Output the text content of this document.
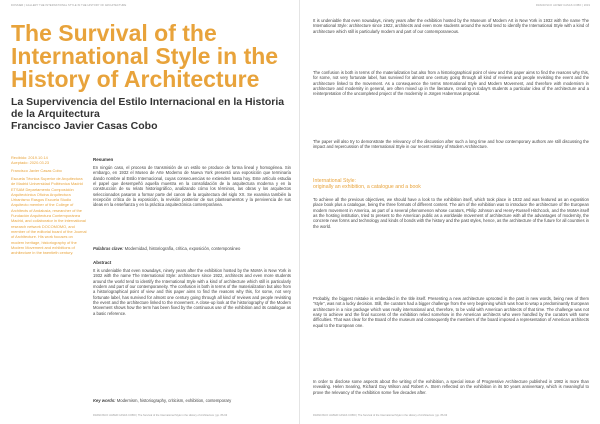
DOSSIER | GALLERY THE INTERNATIONAL STYLE IN THE HISTORY OF ARCHITECTURE	FRANCISCO JAVIER CASAS COBO | 2019
The Survival of the International Style in the History of Architecture
La Supervivencia del Estilo Internacional en la Historia de la Arquitectura
Francisco Javier Casas Cobo

Recibido: 2019.10.14
Aceptado: 2020.03.23

Francisco Javier Casas Cobo

Escuela Técnica Superior de Arquitectura de Madrid Universidad Politécnica Madrid ETSAM Departamento Composición Arquitectónica Oficina Arquitectura Urbanismo Rasgos Escuela Studio Arquitecto member of the College of Architects of Andalusia, researcher of the Fundación Arquitectura Contemporánea Madrid, and collaborator in the international research network DOCOMOMO, and member of the editorial board of the Journal of Architecture. His work focuses on modern heritage, historiography of the Modern Movement and exhibitions of architecture in the twentieth century.

Resumen

En ningún caso, el proceso de transmisión de un estilo se produce de forma lineal y homogénea. Sin embargo, en 1932 el Museo de Arte Moderno de Nueva York presentó una exposición que terminaría dando nombre al Estilo Internacional, cuyas consecuencias se extienden hasta hoy. Este artículo estudia el papel que desempeñó aquella muestra en la consolidación de la arquitectura moderna y en la construcción de su relato historiográfico, analizando cómo los términos, las obras y los arquitectos seleccionados pasaron a formar parte del canon de la arquitectura del siglo XX. Se examina también la recepción crítica de la exposición, la revisión posterior de sus planteamientos y la pervivencia de sus ideas en la enseñanza y en la práctica arquitectónica contemporánea.

Palabras clave: Modernidad, historiografía, crítica, exposición, contemporáneo

Abstract

It is undeniable that even nowadays, ninety years after the exhibition hosted by the MoMA in New York in 1932 with the name The International Style: architecture since 1922, architects and even more students around the world tend to identify the International Style with a kind of architecture which still is particularly modern and part of our contemporaneity. The confusion is both in terms of the materialization but also from a historiographical point of view and this paper aims to find the reasons why this, for some, not very fortunate label, has survived for almost one century going through all kind of reviews and people revisiting the event and the architecture linked to the movement. A close-up look at the historiography of the Modern Movement shows how the term has been fixed by the continuous use of the exhibition and its catalogue as a basic reference.

Key words: Modernism, historiography, criticism, exhibition, contemporary

It is undeniable that even nowadays, ninety years after the exhibition hosted by the Museum of Modern Art in New York in 1932 with the name The International Style: architecture since 1922, architects and even more students around the world tend to identify the International Style with a kind of architecture which still is particularly modern and part of our contemporaneous.

The confusion is both in terms of the materialization but also from a historiographical point of view and this paper aims to find the reasons why this, for some, not very fortunate label, has survived for almost one century going through all kind of reviews and people revisiting the event and the architecture linked to the movement. As a consequence the terms International Style and Modern Movement, and therefore with modernism in architecture and modernity in general, are often mixed up in the literature, creating in today's students a particular idea of the architecture and a reinterpretation of the uncompleted project of the modernity in Jürgen Habermas proposal.

The paper will also try to demonstrate the relevancy of the discussion after such a long time and how contemporary authors are still discussing the impact and repercussion of the International Style in our recent History of Modern Architecture.

International Style:
originally an exhibition, a catalogue and a book

To achieve all the previous objectives, we should have a look to the exhibition itself, which took place in 1932 and was featured as an exposition place book plus a catalogue, being the three formats of different content. The aim of the exhibition was to introduce the architecture of the European modern movement in America, as part of a several phenomenon whose curators, Philip Johnson and Henry-Russell Hitchcock, and the MoMA itself as the hosting institution, tried to present to the American public as a worldwide movement of architecture with all the advantages of modernity, the concrete new forms and technology and kinds of bonds with the history and the past styles, hence, as the architecture of the future for all countries in the world.

Probably, the biggest mistake is embedded in the title itself. Presenting a new architecture uprooted in the past in new words, being new of them "style", was not a lucky decision. Still, the curators had a bigger challenge from the very beginning which was how to wrap a predominantly European architecture in a nice package which was really international and, therefore, to be valid with American architects of that time. The challenge was not easy to achieve and the final success of the exhibition relied somehow in the American architects who were handled by the curators with some difficulties. That was clear for the Board of the museum and consequently the members of the board imposed a representation of American architects equal to the European one.

In order to disclose some aspects about the writing of the exhibition, a special issue of Progressive Architecture published in 1982 is more than revealing. Helen Searing, Richard Guy Wilson and Robert A. Stern reflected on the exhibition in its 50 years anniversary, which is meaningful to prove the relevancy of the exhibition some five decades after.

FRANCISCO JAVIER CASAS COBO | The Survival of the International Style in the History of Architecture | pp. 86-93	FRANCISCO JAVIER CASAS COBO | The Survival of the International Style in the History of Architecture | pp. 86-93
